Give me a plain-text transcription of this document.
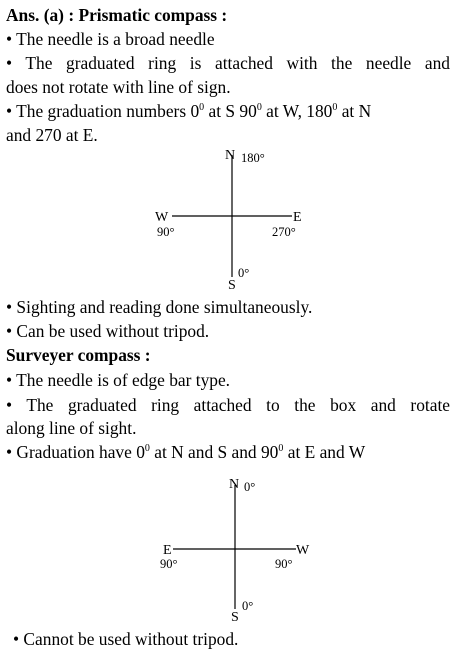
Ans. (a) : Prismatic compass :
• The needle is a broad needle
• The graduated ring is attached with the needle and
does not rotate with line of sign.
• The graduation numbers $0^0$ at S $90^0$ at W, $180^0$ at N
and 270 at E.
N 180°
W
90°
E
270°
S
0°
• Sighting and reading done simultaneously.
• Can be used without tripod.
Surveyer compass :
• The needle is of edge bar type.
• The graduated ring attached to the box and rotate
along line of sight.
• Graduation have $0^0$ at N and S and $90^0$ at E and W
N 0°
E
90°
W
90°
S
0°
• Cannot be used without tripod.
